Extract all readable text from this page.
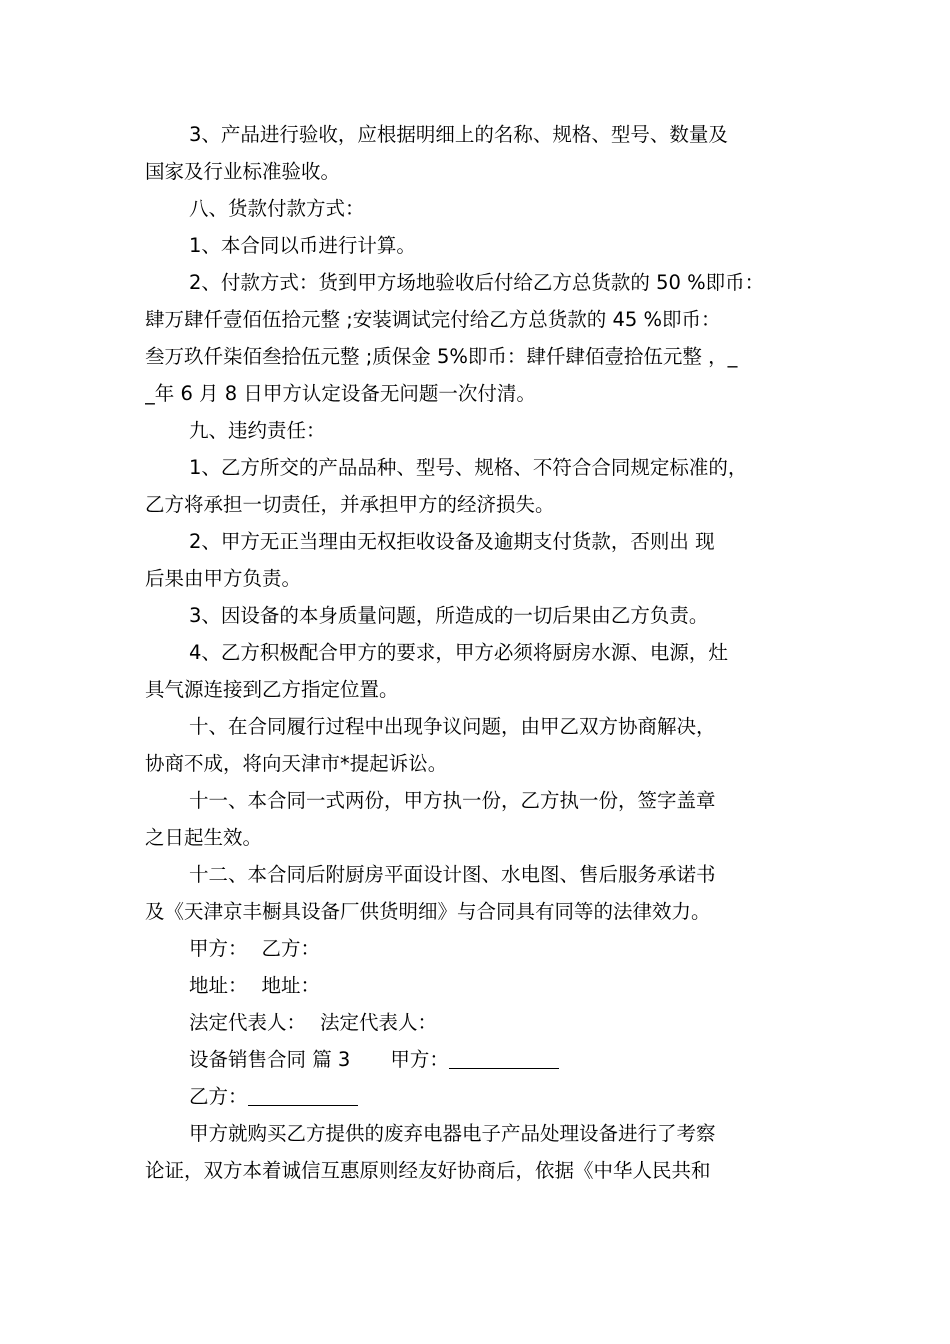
3、产品进行验收，应根据明细上的名称、规格、型号、数量及
国家及行业标准验收。
八、货款付款方式：
1、本合同以币进行计算。
2、付款方式：货到甲方场地验收后付给乙方总货款的 50 %即币：
肆万肆仟壹佰伍拾元整 ;安装调试完付给乙方总货款的 45 %即币：
叁万玖仟柒佰叁拾伍元整 ;质保金 5%即币：肆仟肆佰壹拾伍元整 ，_
_年 6 月 8 日甲方认定设备无问题一次付清。
九、违约责任：
1、乙方所交的产品品种、型号、规格、不符合合同规定标准的，
乙方将承担一切责任，并承担甲方的经济损失。
2、甲方无正当理由无权拒收设备及逾期支付货款，否则出 现
后果由甲方负责。
3、因设备的本身质量问题，所造成的一切后果由乙方负责。
4、乙方积极配合甲方的要求，甲方必须将厨房水源、电源，灶
具气源连接到乙方指定位置。
十、在合同履行过程中出现争议问题，由甲乙双方协商解决，
协商不成，将向天津市*提起诉讼。
十一、本合同一式两份，甲方执一份，乙方执一份，签字盖章
之日起生效。
十二、本合同后附厨房平面设计图、水电图、售后服务承诺书
及《天津京丰橱具设备厂供货明细》与合同具有同等的法律效力。
甲方： 乙方：
地址： 地址：
法定代表人： 法定代表人：
设备销售合同 篇 3 甲方：
乙方：
甲方就购买乙方提供的废弃电器电子产品处理设备进行了考察
论证，双方本着诚信互惠原则经友好协商后，依据《中华人民共和
